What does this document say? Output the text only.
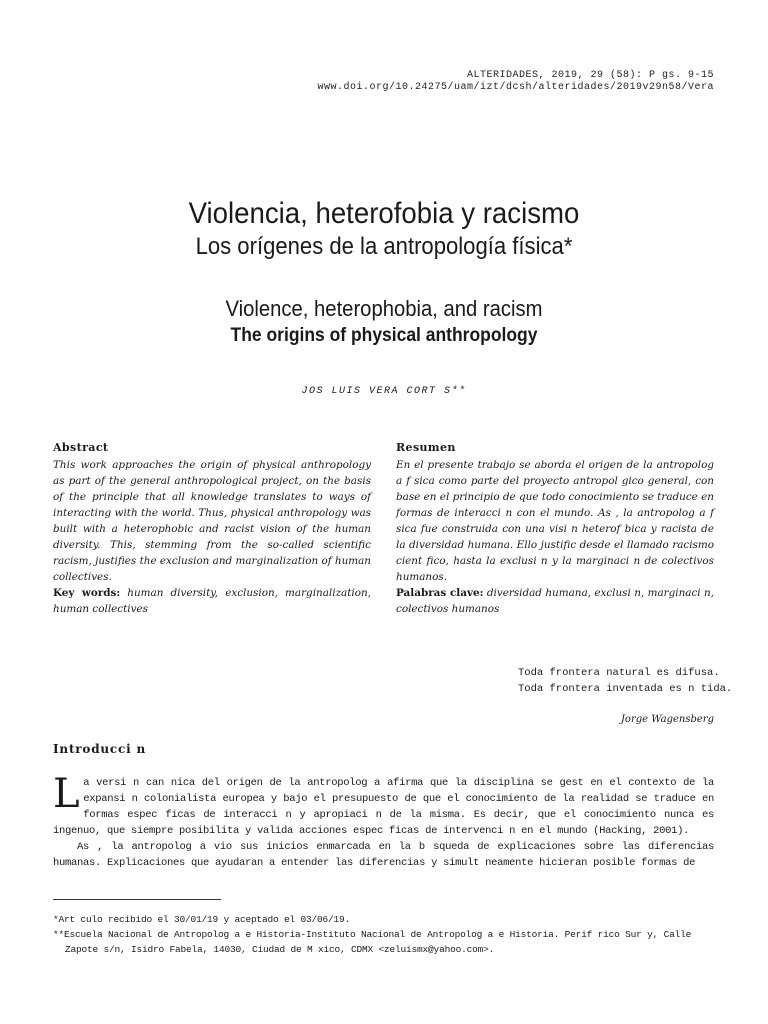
ALTERIDADES, 2019, 29 (58): P gs. 9-15
www.doi.org/10.24275/uam/izt/dcsh/alteridades/2019v29n58/Vera
Violencia, heterofobia y racismo
Los orígenes de la antropología física*
Violence, heterophobia, and racism
The origins of physical anthropology
JOS LUIS VERA CORT S**
Abstract

This work approaches the origin of physical anthropology as part of the general anthropological project, on the basis of the principle that all knowledge translates to ways of interacting with the world. Thus, physical anthropology was built with a heterophobic and racist vision of the human diversity. This, stemming from the so-called scientific racism, justifies the exclusion and marginalization of human collectives.

Key words: human diversity, exclusion, marginalization, human collectives

Resumen

En el presente trabajo se aborda el origen de la antropolog a f sica como parte del proyecto antropol gico general, con base en el principio de que todo conocimiento se traduce en formas de interacci n con el mundo. As , la antropolog a f sica fue construida con una visi n heterof bica y racista de la diversidad humana. Ello justific desde el llamado racismo cient fico, hasta la exclusi n y la marginaci n de colectivos humanos.

Palabras clave: diversidad humana, exclusi n, marginaci n, colectivos humanos

Toda frontera natural es difusa.
Toda frontera inventada es n tida.
Jorge Wagensberg
Introducci n

La versi n can nica del origen de la antropolog a afirma que la disciplina se gest en el contexto de la expansi n colonialista europea y bajo el presupuesto de que el conocimiento de la realidad se traduce en formas espec ficas de interacci n y apropiaci n de la misma. Es decir, que el conocimiento nunca es ingenuo, que siempre posibilita y valida acciones espec ficas de intervenci n en el mundo (Hacking, 2001).

As , la antropolog a vio sus inicios enmarcada en la b squeda de explicaciones sobre las diferencias humanas. Explicaciones que ayudaran a entender las diferencias y simult neamente hicieran posible formas de

*Art culo recibido el 30/01/19 y aceptado el 03/06/19.

**Escuela Nacional de Antropolog a e Historia-Instituto Nacional de Antropolog a e Historia. Perif rico Sur y, Calle Zapote s/n, Isidro Fabela, 14030, Ciudad de M xico, CDMX <zeluismx@yahoo.com>.
